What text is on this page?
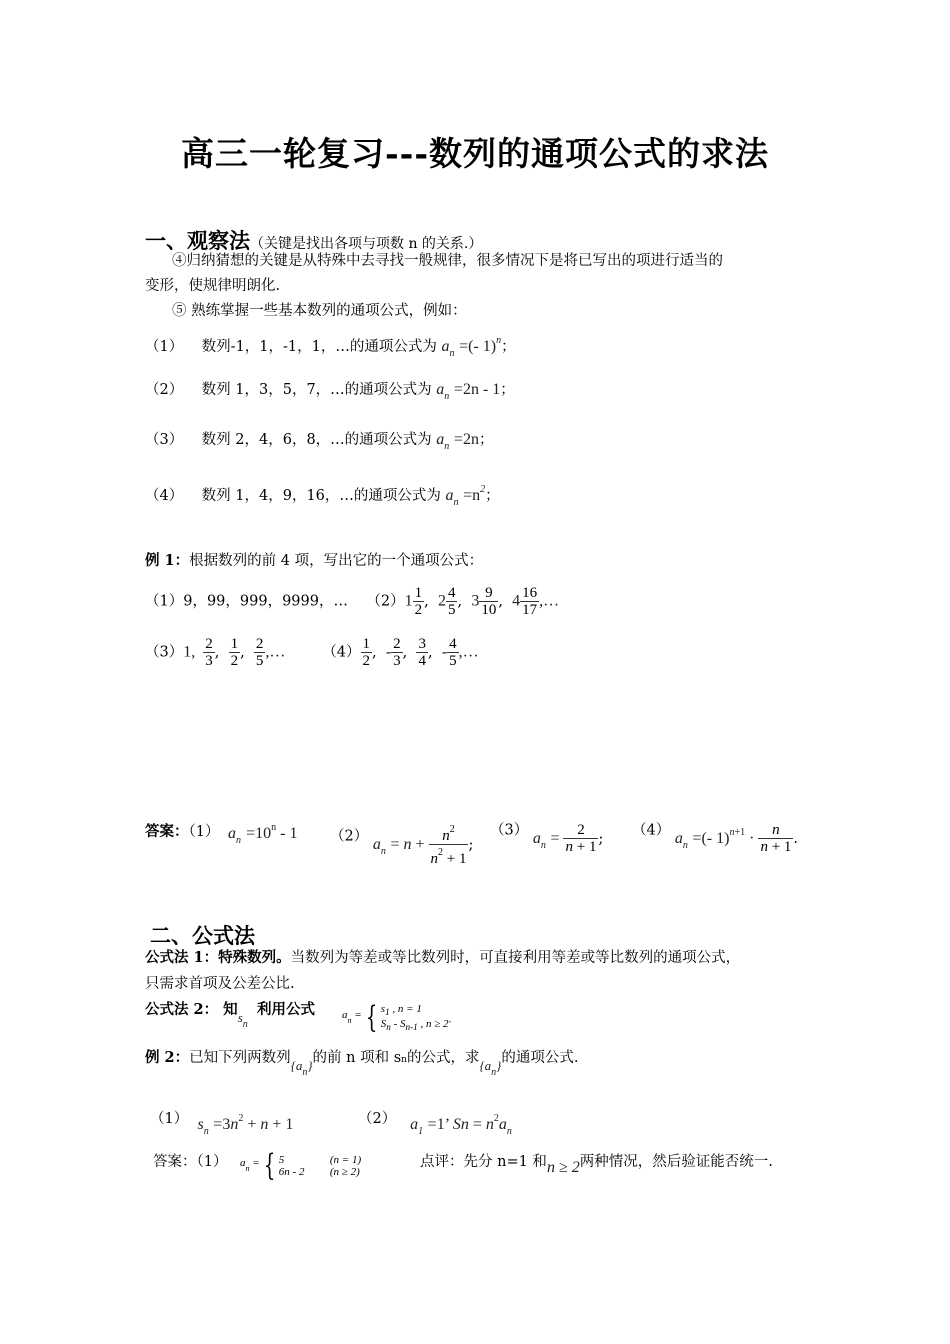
高三一轮复习---数列的通项公式的求法
一、观察法（关键是找出各项与项数 n 的关系.）
④归纳猜想的关键是从特殊中去寻找一般规律，很多情况下是将已写出的项进行适当的
变形，使规律明朗化.
⑤ 熟练掌握一些基本数列的通项公式，例如：
（1） 数列-1，1，-1，1，…的通项公式为 $a_n$ =(- 1)$^n$；
（2） 数列 1，3，5，7，…的通项公式为 $a_n =2n - 1$；
（3） 数列 2，4，6，8，…的通项公式为 $a_n =2n$；
（4） 数列 1，4，9，16，…的通项公式为 $a_n =n^2$；
例 1：根据数列的前 4 项，写出它的一个通项公式：
（1）9，99，999，9999，… $(2)1 \frac{1}{2}$ ,  $2 \frac{4}{5}$ ,  $3 \frac{9}{10}$ ,  $4 \frac{16}{17}$ ,…
（3）1, $\frac{2}{3}$ , $\frac{1}{2}$ , $\frac{2}{5}$ ,…	$(4) \frac{1}{2}$ ,  - $\frac{2}{3}$ , $\frac{3}{4}$ ,  - $\frac{4}{5}$ ,…
答案：（1） $a_n =10^n - 1$ （2） $a_n = n + \frac{n^2}{n^2 + 1}$ ;
（3） $a_n = \frac{2}{n + 1}$ ; （4） $a_n$ =(- $1)^{n+1} \cdot \frac{n}{n + 1}$ .
二、公式法
公式法 1：特殊数列。当数列为等差或等比数列时，可直接利用等差或等比数列的通项公式，
只需求首项及公差公比.
公式法 2： 知$s_n$  利用公式 $a_n$ = { $s_1$ , n = 1
$S_n - S_{n-1}$ , n ≥ 2.
例 2：已知下列两数列$\{a_n\}$的前 n 项和 sn的公式，求$\{a_n\}$的通项公式.
（1） $s_n =3n^2 + n + 1$	（2） $a_1 =1$’ $Sn = n^2a_n$
答案：（1） $a_n$ = { 5
6n - 2     (n = 1)
(n ≥ 2)
点评：先分 n=1 和n ≥ 2两种情况，然后验证能否统一.
